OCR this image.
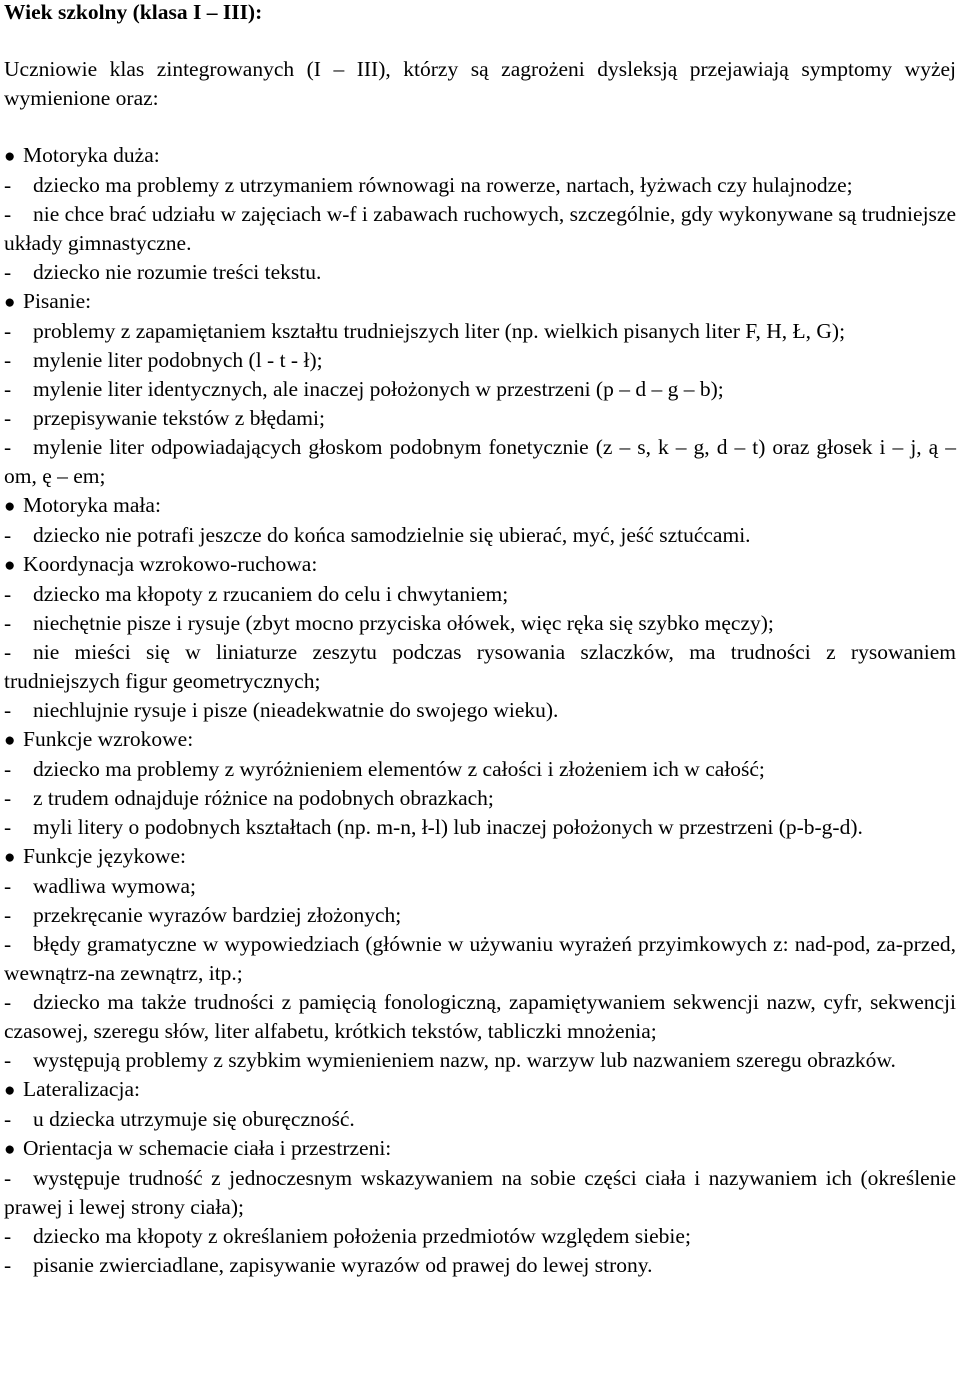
Wiek szkolny (klasa I – III):

Uczniowie klas zintegrowanych (I – III), którzy są zagrożeni dysleksją przejawiają symptomy wyżej wymienione oraz:

● Motoryka duża:

- dziecko ma problemy z utrzymaniem równowagi na rowerze, nartach, łyżwach czy hulajnodze;

- nie chce brać udziału w zajęciach w-f i zabawach ruchowych, szczególnie, gdy wykonywane są trudniejsze układy gimnastyczne.

- dziecko nie rozumie treści tekstu.

● Pisanie:

- problemy z zapamiętaniem kształtu trudniejszych liter (np. wielkich pisanych liter F, H, Ł, G);

- mylenie liter podobnych (l - t - ł);

- mylenie liter identycznych, ale inaczej położonych w przestrzeni (p – d – g – b);

- przepisywanie tekstów z błędami;

- mylenie liter odpowiadających głoskom podobnym fonetycznie (z – s, k – g, d – t) oraz głosek i – j, ą – om, ę – em;

● Motoryka mała:

- dziecko nie potrafi jeszcze do końca samodzielnie się ubierać, myć, jeść sztućcami.

● Koordynacja wzrokowo-ruchowa:

- dziecko ma kłopoty z rzucaniem do celu i chwytaniem;

- niechętnie pisze i rysuje (zbyt mocno przyciska ołówek, więc ręka się szybko męczy);

- nie mieści się w liniaturze zeszytu podczas rysowania szlaczków, ma trudności z rysowaniem trudniejszych figur geometrycznych;

- niechlujnie rysuje i pisze (nieadekwatnie do swojego wieku).

● Funkcje wzrokowe:

- dziecko ma problemy z wyróżnieniem elementów z całości i złożeniem ich w całość;

- z trudem odnajduje różnice na podobnych obrazkach;

- myli litery o podobnych kształtach (np. m-n, ł-l) lub inaczej położonych w przestrzeni (p-b-g-d).

● Funkcje językowe:

- wadliwa wymowa;

- przekręcanie wyrazów bardziej złożonych;

- błędy gramatyczne w wypowiedziach (głównie w używaniu wyrażeń przyimkowych z: nad-pod, za-przed, wewnątrz-na zewnątrz, itp.;

- dziecko ma także trudności z pamięcią fonologiczną, zapamiętywaniem sekwencji nazw, cyfr, sekwencji czasowej, szeregu słów, liter alfabetu, krótkich tekstów, tabliczki mnożenia;

- występują problemy z szybkim wymienieniem nazw, np. warzyw lub nazwaniem szeregu obrazków.

● Lateralizacja:

- u dziecka utrzymuje się oburęczność.

● Orientacja w schemacie ciała i przestrzeni:

- występuje trudność z jednoczesnym wskazywaniem na sobie części ciała i nazywaniem ich (określenie prawej i lewej strony ciała);

- dziecko ma kłopoty z określaniem położenia przedmiotów względem siebie;

- pisanie zwierciadlane, zapisywanie wyrazów od prawej do lewej strony.
